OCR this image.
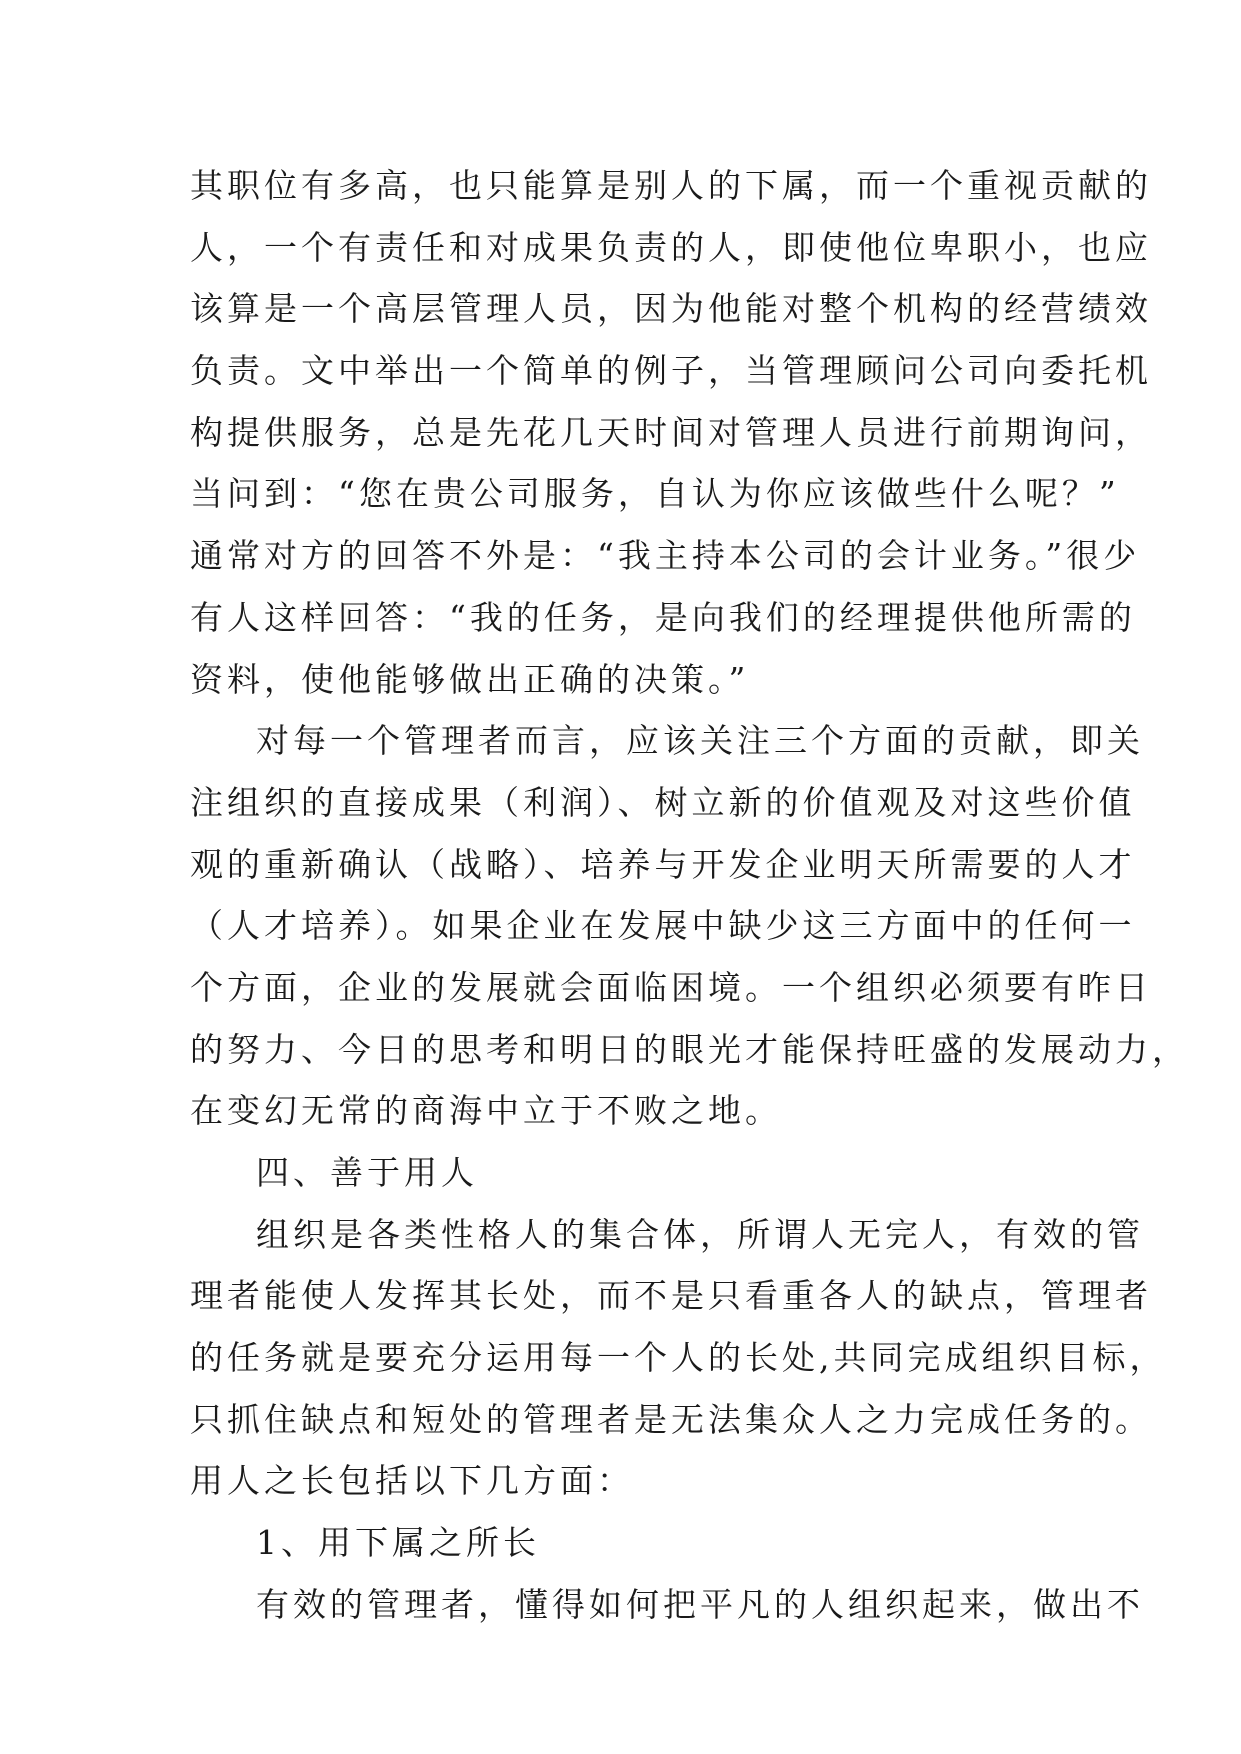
其职位有多高，也只能算是别人的下属，而一个重视贡献的
人，一个有责任和对成果负责的人，即使他位卑职小，也应
该算是一个高层管理人员，因为他能对整个机构的经营绩效
负责。文中举出一个简单的例子，当管理顾问公司向委托机
构提供服务，总是先花几天时间对管理人员进行前期询问，
当问到：“您在贵公司服务，自认为你应该做些什么呢？”
通常对方的回答不外是：“我主持本公司的会计业务。”很少
有人这样回答：“我的任务，是向我们的经理提供他所需的
资料，使他能够做出正确的决策。”
对每一个管理者而言，应该关注三个方面的贡献，即关
注组织的直接成果（利润）、树立新的价值观及对这些价值
观的重新确认（战略）、培养与开发企业明天所需要的人才
（人才培养）。如果企业在发展中缺少这三方面中的任何一
个方面，企业的发展就会面临困境。一个组织必须要有昨日
的努力、今日的思考和明日的眼光才能保持旺盛的发展动力，
在变幻无常的商海中立于不败之地。
四、善于用人
组织是各类性格人的集合体，所谓人无完人，有效的管
理者能使人发挥其长处，而不是只看重各人的缺点，管理者
的任务就是要充分运用每一个人的长处,共同完成组织目标，
只抓住缺点和短处的管理者是无法集众人之力完成任务的。
用人之长包括以下几方面：
1、用下属之所长
有效的管理者，懂得如何把平凡的人组织起来，做出不
